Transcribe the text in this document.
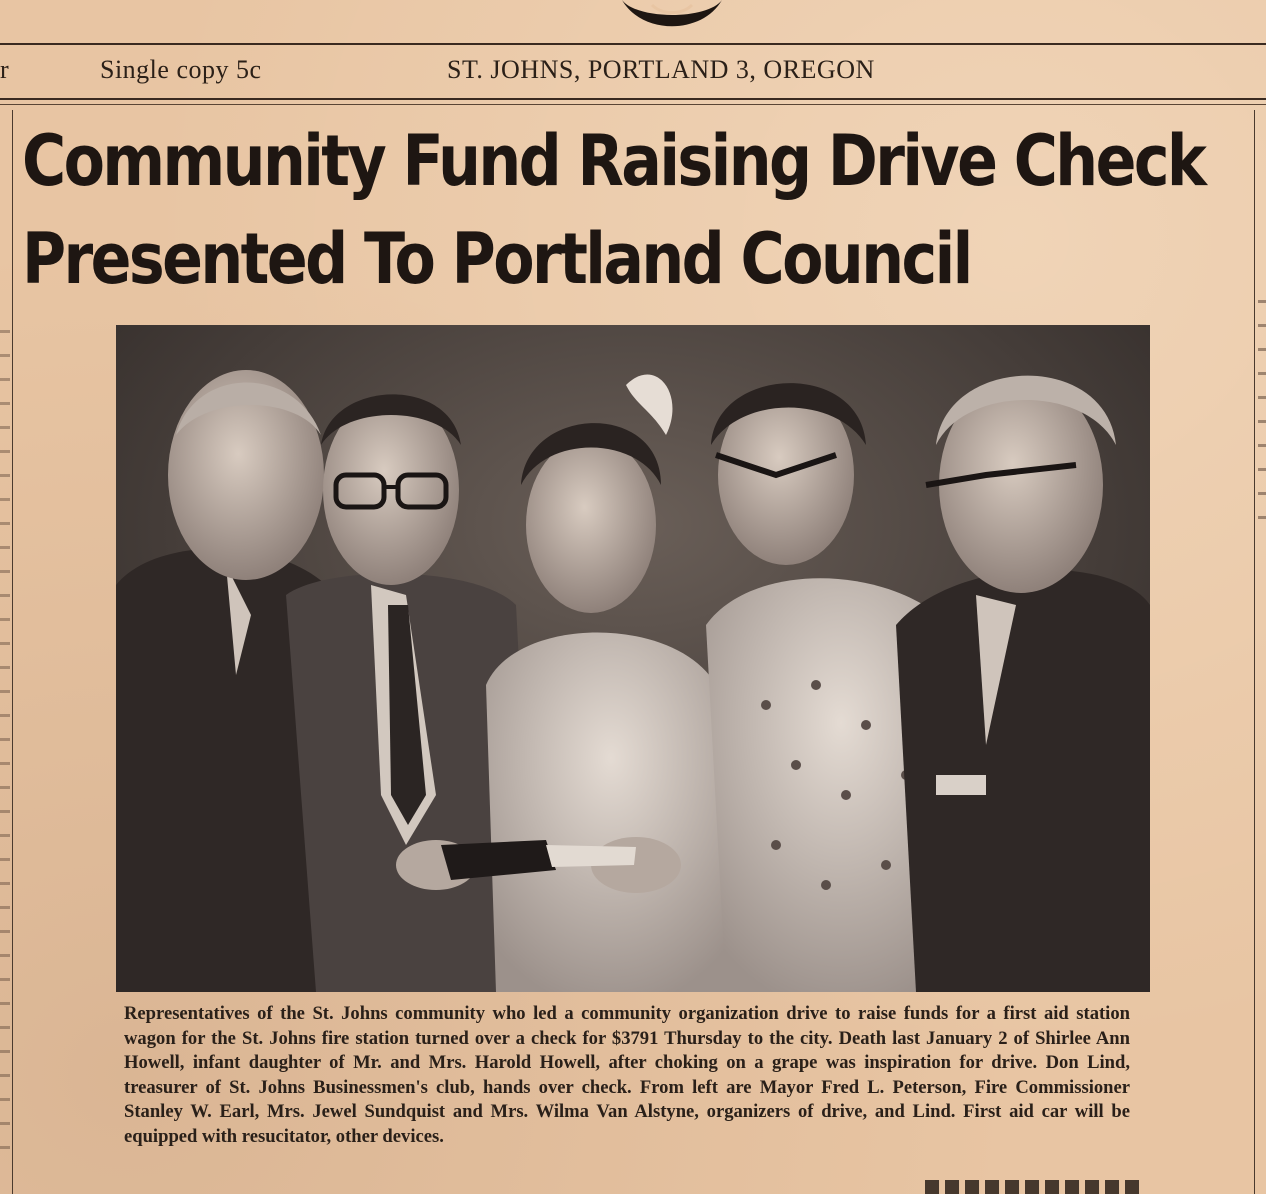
r	Single copy 5c	ST. JOHNS, PORTLAND 3, OREGON
Community Fund Raising Drive Check
Presented To Portland Council
Representatives of the St. Johns community who led a community organization drive to raise funds for a first aid station wagon for the St. Johns fire station turned over a check for $3791 Thursday to the city. Death last January 2 of Shirlee Ann Howell, infant daughter of Mr. and Mrs. Harold Howell, after choking on a grape was inspiration for drive. Don Lind, treasurer of St. Johns Businessmen's club, hands over check. From left are Mayor Fred L. Peterson, Fire Commissioner Stanley W. Earl, Mrs. Jewel Sundquist and Mrs. Wilma Van Alstyne, organizers of drive, and Lind. First aid car will be equipped with resucitator, other devices.
